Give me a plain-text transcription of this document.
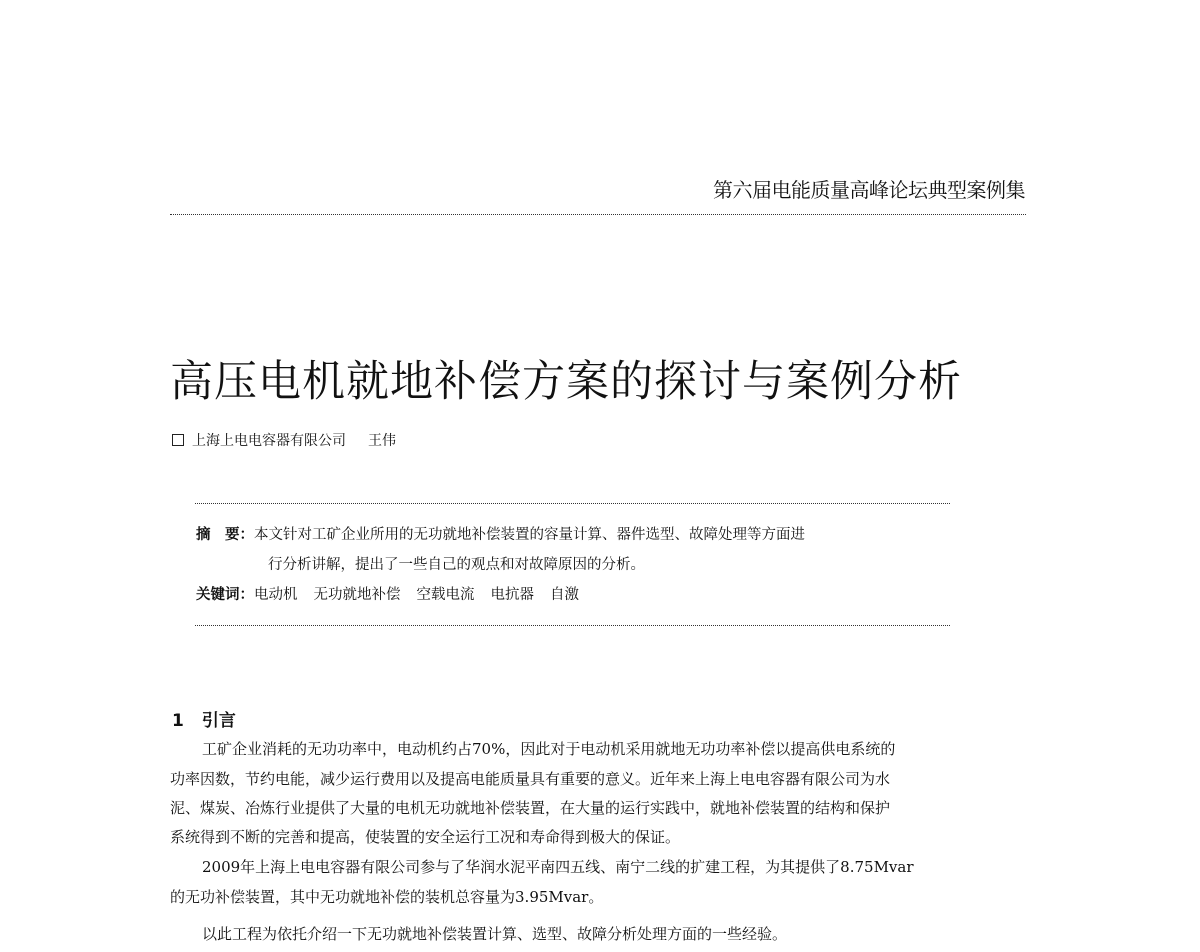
第六届电能质量高峰论坛典型案例集
高压电机就地补偿方案的探讨与案例分析
上海上电电容器有限公司 王伟
摘　要：本文针对工矿企业所用的无功就地补偿装置的容量计算、器件选型、故障处理等方面进
行分析讲解，提出了一些自己的观点和对故障原因的分析。
关键词：电动机 无功就地补偿 空载电流 电抗器 自激
1 引言

工矿企业消耗的无功功率中，电动机约占70%，因此对于电动机采用就地无功功率补偿以提高供电系统的

功率因数，节约电能，减少运行费用以及提高电能质量具有重要的意义。近年来上海上电电容器有限公司为水

泥、煤炭、冶炼行业提供了大量的电机无功就地补偿装置，在大量的运行实践中，就地补偿装置的结构和保护

系统得到不断的完善和提高，使装置的安全运行工况和寿命得到极大的保证。

2009年上海上电电容器有限公司参与了华润水泥平南四五线、南宁二线的扩建工程，为其提供了8.75Mvar

的无功补偿装置，其中无功就地补偿的装机总容量为3.95Mvar。

以此工程为依托介绍一下无功就地补偿装置计算、选型、故障分析处理方面的一些经验。
